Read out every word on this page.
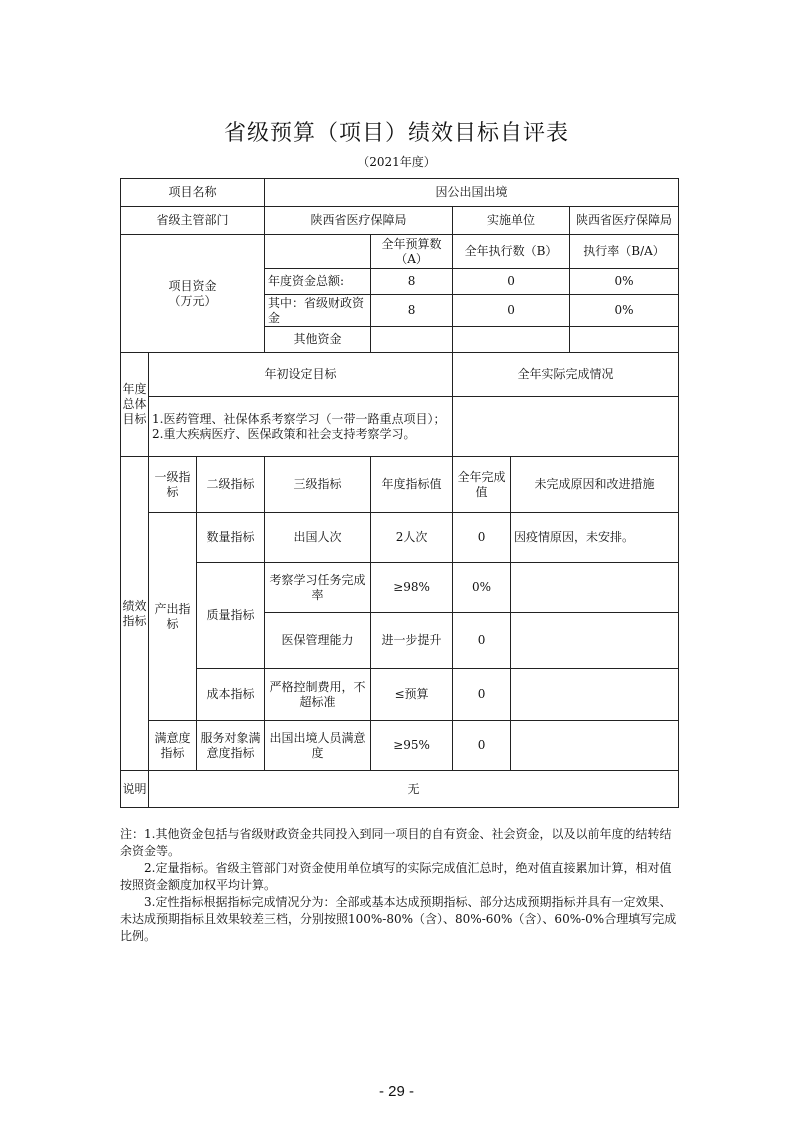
省级预算（项目）绩效目标自评表
（2021年度）
项目名称			因公出国出境				
省级主管部门			陕西省医疗保障局		实施单位		陕西省医疗保障局

项目资金
（万元）				全年预算数（A）	全年执行数（B）		执行率（B/A）
			年度资金总额:	8	0		0%
			其中：省级财政资金	8	0		0%
			其他资金				

年度总体目标	年初设定目标				全年实际完成情况		

	1.医药管理、社保体系考察学习（一带一路重点项目）；
2.重大疾病医疗、医保政策和社会支持考察学习。						

绩效指标	一级指标	二级指标	三级指标	年度指标值	全年完成值	未完成原因和改进措施	
	产出指标	数量指标	出国人次	2人次	0	因疫情原因，未安排。	
		质量指标	考察学习任务完成率	≥98%	0%		
			医保管理能力	进一步提升	0		
		成本指标	严格控制费用，不超标准	≤预算	0		
	满意度指标	服务对象满意度指标	出国出境人员满意度	≥95%	0		
说明	无						

注：1.其他资金包括与省级财政资金共同投入到同一项目的自有资金、社会资金，以及以前年度的结转结余资金等。

2.定量指标。省级主管部门对资金使用单位填写的实际完成值汇总时，绝对值直接累加计算，相对值按照资金额度加权平均计算。

3.定性指标根据指标完成情况分为：全部或基本达成预期指标、部分达成预期指标并具有一定效果、未达成预期指标且效果较差三档，分别按照100%-80%（含）、80%-60%（含）、60%-0%合理填写完成比例。

- 29 -
